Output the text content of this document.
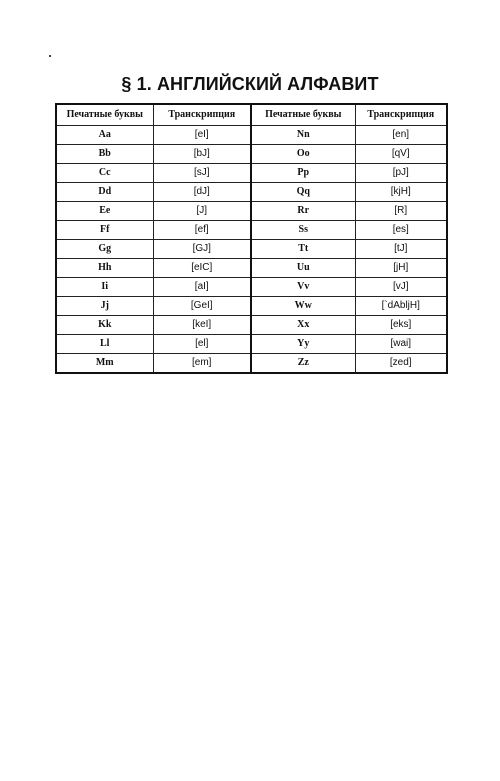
§ 1. АНГЛИЙСКИЙ АЛФАВИТ
Печатные буквы	Транскрипция	Печатные буквы	Транскрипция
Aa	[eI]	Nn	[en]
Bb	[bJ]	Oo	[qV]
Cc	[sJ]	Pp	[pJ]
Dd	[dJ]	Qq	[kjH]
Ee	[J]	Rr	[R]
Ff	[ef]	Ss	[es]
Gg	[GJ]	Tt	[tJ]
Hh	[eIC]	Uu	[jH]
Ii	[aI]	Vv	[vJ]
Jj	[GeI]	Ww	[`dAbljH]
Kk	[keI]	Xx	[eks]
Ll	[el]	Yy	[wai]
Mm	[em]	Zz	[zed]
